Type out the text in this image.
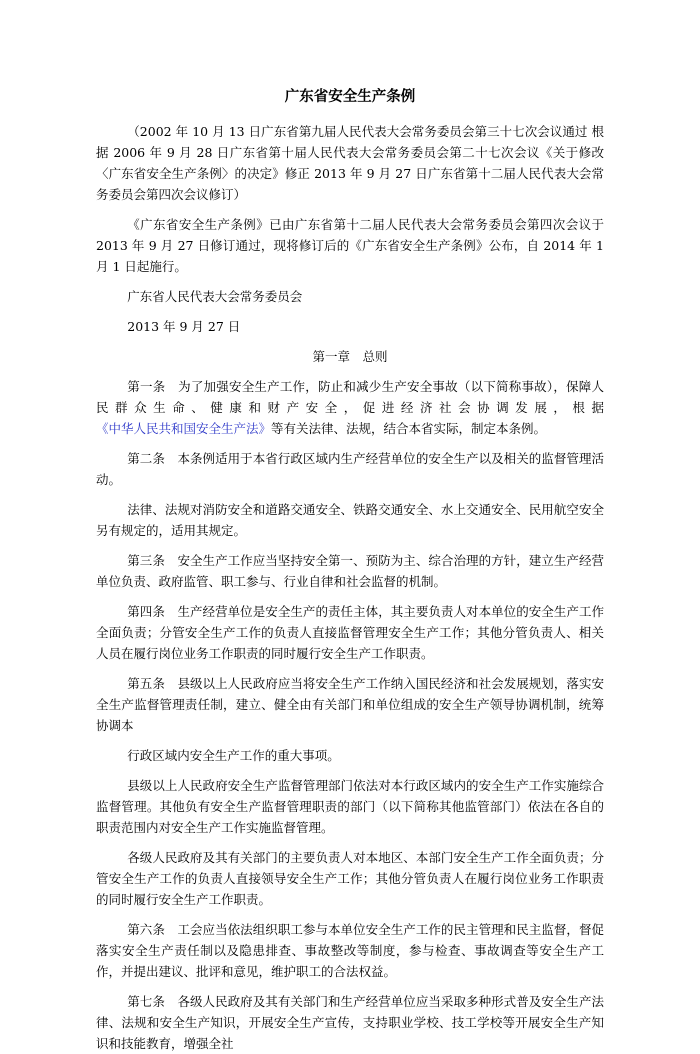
广东省安全生产条例

（2002 年 10 月 13 日广东省第九届人民代表大会常务委员会第三十七次会议通过 根据 2006 年 9 月 28 日广东省第十届人民代表大会常务委员会第二十七次会议《关于修改〈广东省安全生产条例〉的决定》修正 2013 年 9 月 27 日广东省第十二届人民代表大会常务委员会第四次会议修订）

《广东省安全生产条例》已由广东省第十二届人民代表大会常务委员会第四次会议于 2013 年 9 月 27 日修订通过，现将修订后的《广东省安全生产条例》公布，自 2014 年 1 月 1 日起施行。

广东省人民代表大会常务委员会

2013 年 9 月 27 日

第一章　总则

第一条　为了加强安全生产工作，防止和减少生产安全事故（以下简称事故），保障人民群众生命、健康和财产安全，促进经济社会协调发展，根据《中华人民共和国安全生产法》等有关法律、法规，结合本省实际，制定本条例。

第二条　本条例适用于本省行政区域内生产经营单位的安全生产以及相关的监督管理活动。

法律、法规对消防安全和道路交通安全、铁路交通安全、水上交通安全、民用航空安全另有规定的，适用其规定。

第三条　安全生产工作应当坚持安全第一、预防为主、综合治理的方针，建立生产经营单位负责、政府监管、职工参与、行业自律和社会监督的机制。

第四条　生产经营单位是安全生产的责任主体，其主要负责人对本单位的安全生产工作全面负责；分管安全生产工作的负责人直接监督管理安全生产工作；其他分管负责人、相关人员在履行岗位业务工作职责的同时履行安全生产工作职责。

第五条　县级以上人民政府应当将安全生产工作纳入国民经济和社会发展规划，落实安全生产监督管理责任制，建立、健全由有关部门和单位组成的安全生产领导协调机制，统筹协调本

行政区域内安全生产工作的重大事项。

县级以上人民政府安全生产监督管理部门依法对本行政区域内的安全生产工作实施综合监督管理。其他负有安全生产监督管理职责的部门（以下简称其他监管部门）依法在各自的职责范围内对安全生产工作实施监督管理。

各级人民政府及其有关部门的主要负责人对本地区、本部门安全生产工作全面负责；分管安全生产工作的负责人直接领导安全生产工作；其他分管负责人在履行岗位业务工作职责的同时履行安全生产工作职责。

第六条　工会应当依法组织职工参与本单位安全生产工作的民主管理和民主监督，督促落实安全生产责任制以及隐患排查、事故整改等制度，参与检查、事故调查等安全生产工作，并提出建议、批评和意见，维护职工的合法权益。

第七条　各级人民政府及其有关部门和生产经营单位应当采取多种形式普及安全生产法律、法规和安全生产知识，开展安全生产宣传，支持职业学校、技工学校等开展安全生产知识和技能教育，增强全社
